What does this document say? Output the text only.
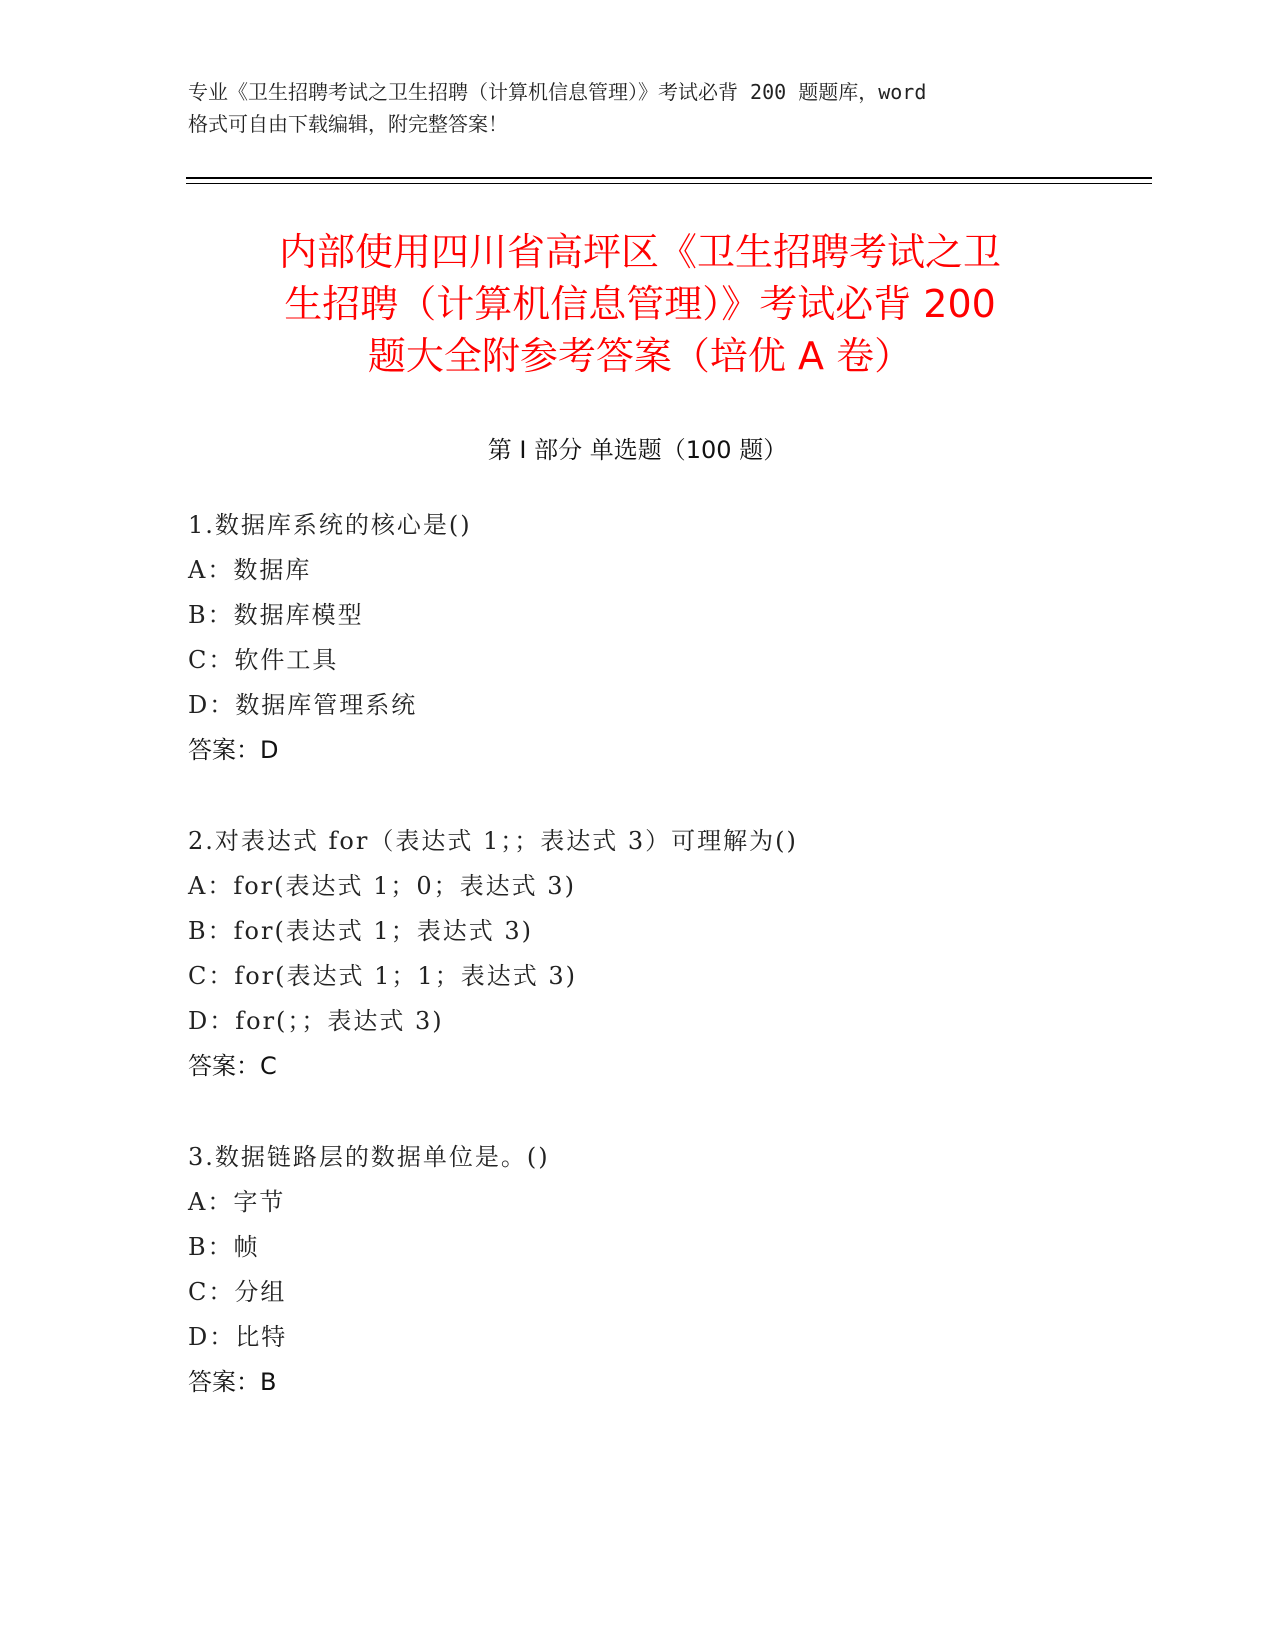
专业《卫生招聘考试之卫生招聘（计算机信息管理）》考试必背 200 题题库，word
格式可自由下载编辑，附完整答案！
内部使用四川省高坪区《卫生招聘考试之卫
生招聘（计算机信息管理）》考试必背 200
题大全附参考答案（培优 A 卷）
第 I 部分 单选题（100 题）
1.数据库系统的核心是()
A：数据库
B：数据库模型
C：软件工具
D：数据库管理系统
答案：D
2.对表达式 for（表达式 1；；表达式 3）可理解为()
A：for(表达式 1；0；表达式 3)
B：for(表达式 1；表达式 3)
C：for(表达式 1；1；表达式 3)
D：for(；；表达式 3)
答案：C
3.数据链路层的数据单位是。()
A：字节
B：帧
C：分组
D：比特
答案：B
